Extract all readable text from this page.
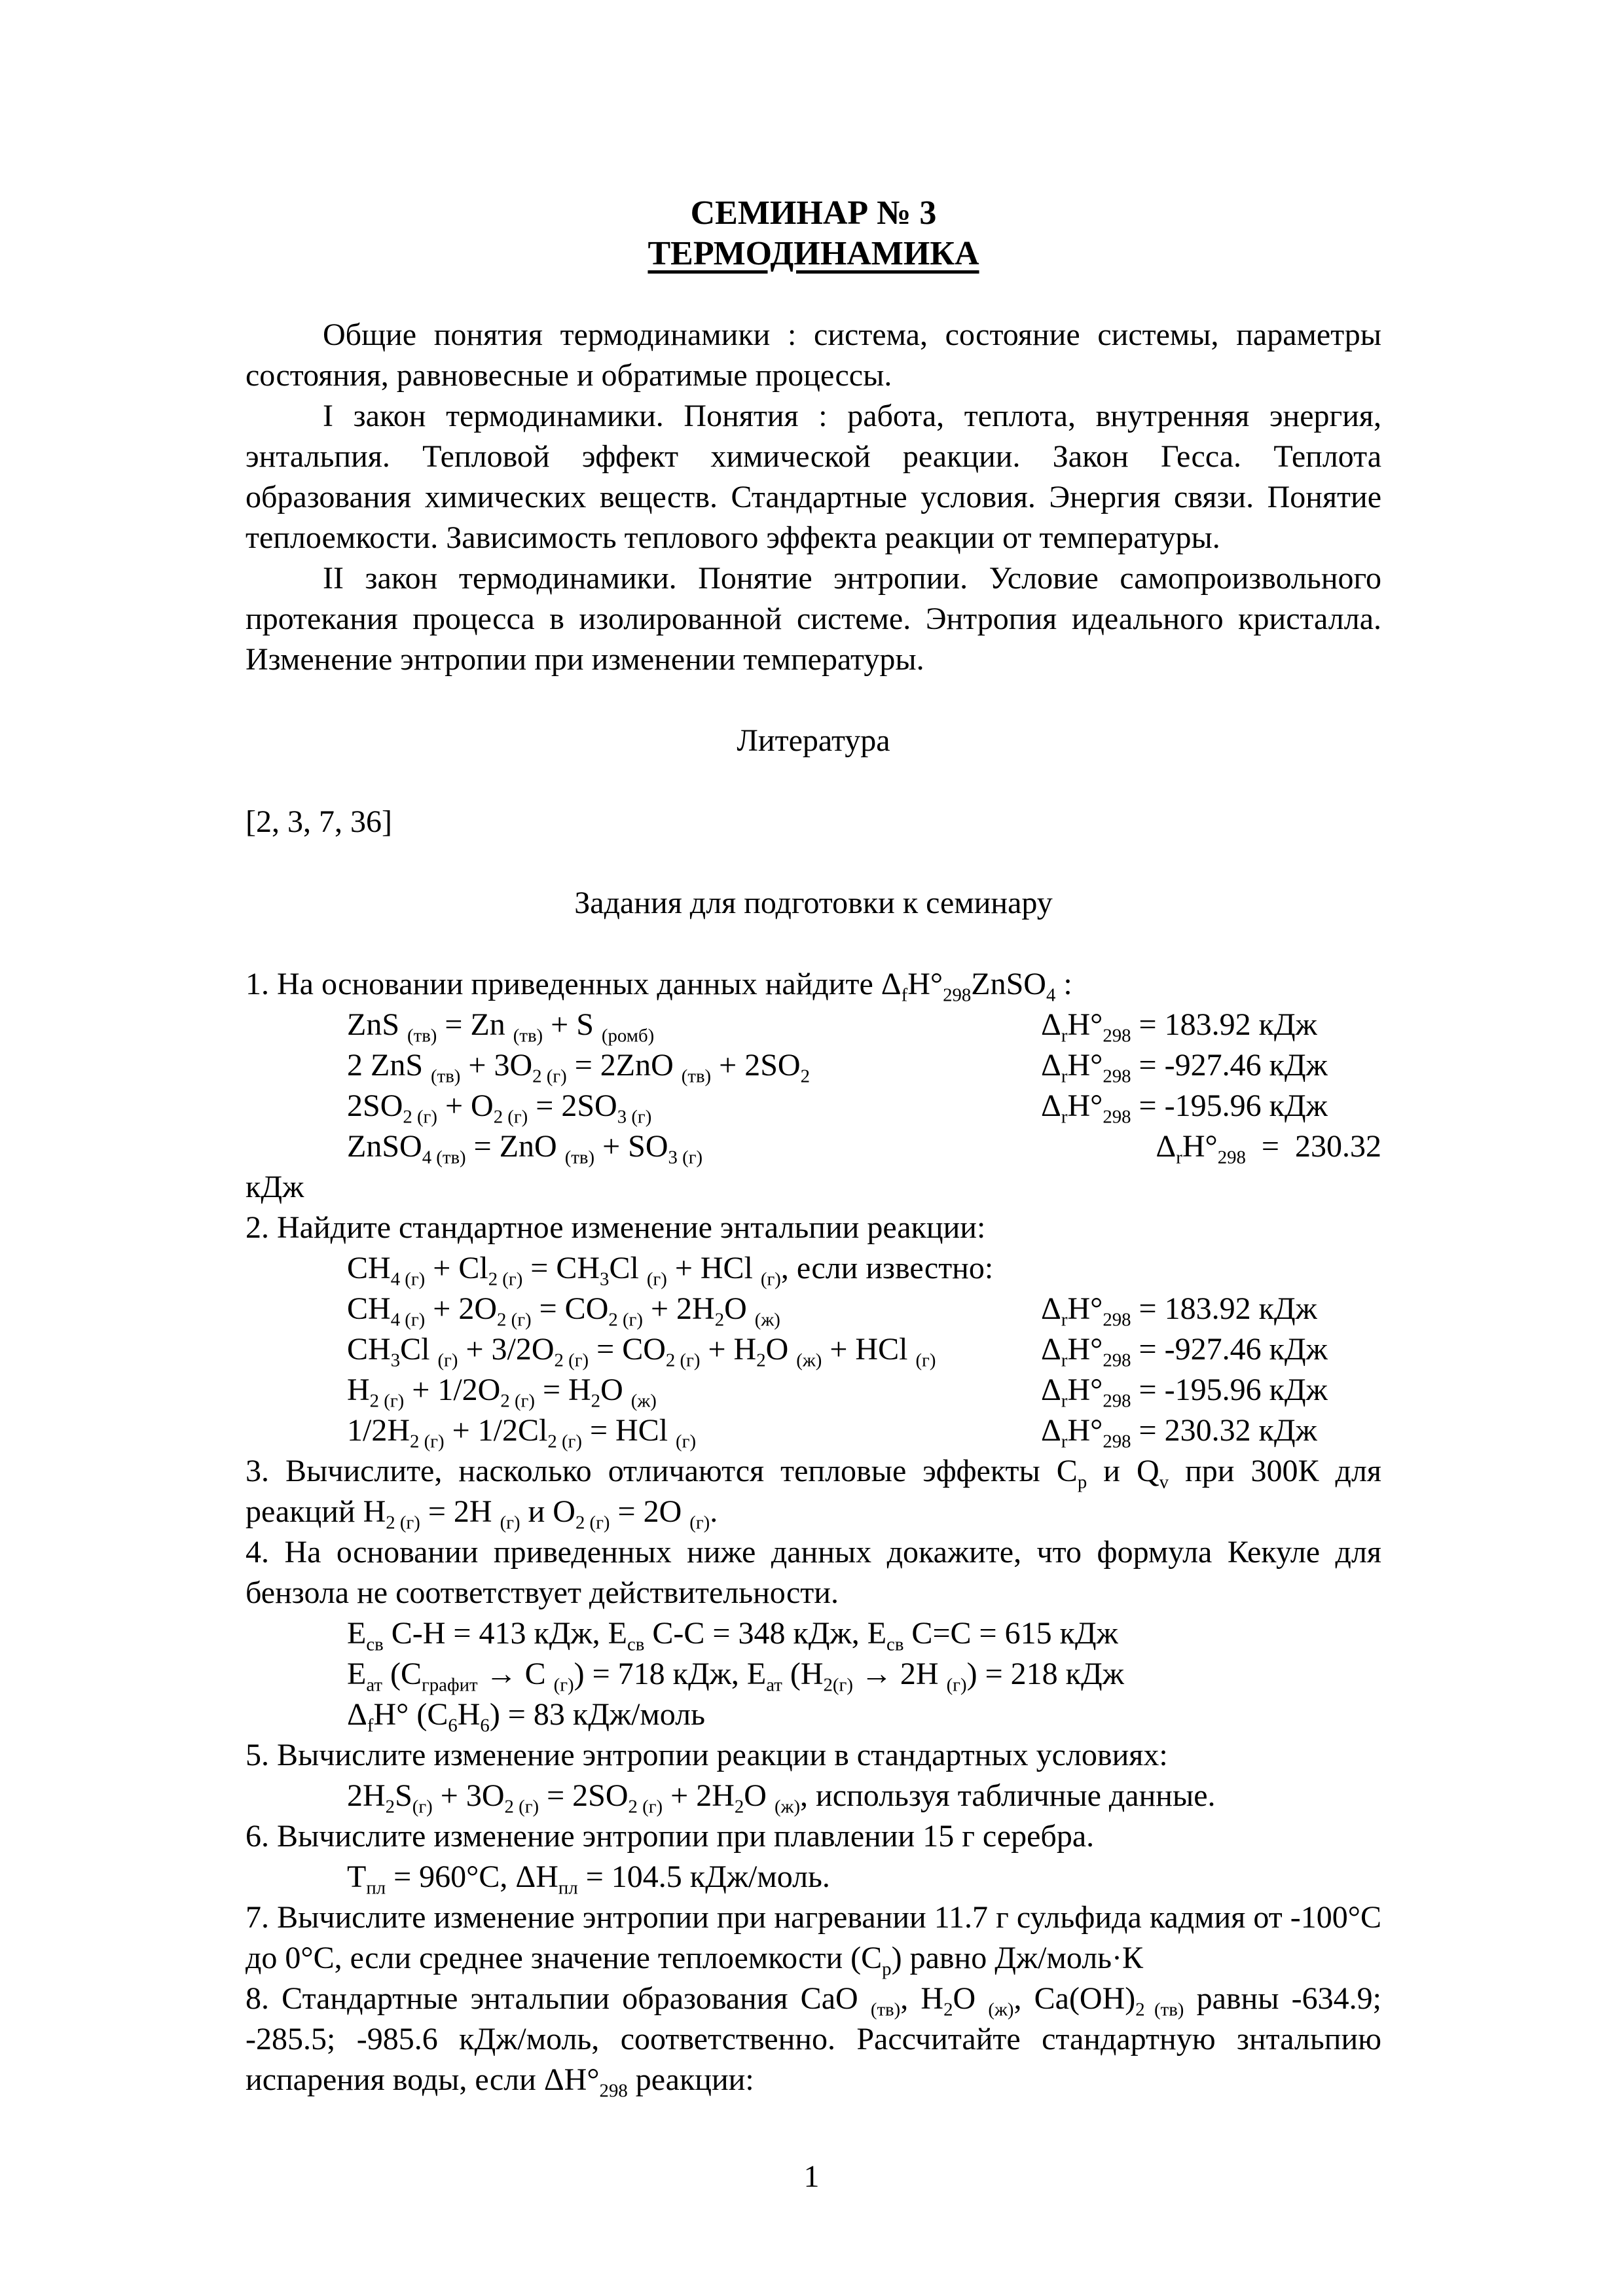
СЕМИНАР № 3
ТЕРМОДИНАМИКА

Общие понятия термодинамики : система, состояние системы, параметры состояния, равновесные и обратимые процессы.

I закон термодинамики. Понятия : работа, теплота, внутренняя энергия, энтальпия. Тепловой эффект химической реакции. Закон Гесса. Теплота образования химических веществ. Стандартные условия. Энергия связи. Понятие теплоемкости. Зависимость теплового эффекта реакции от температуры.

II закон термодинамики. Понятие энтропии. Условие самопроизвольного протекания процесса в изолированной системе. Энтропия идеального кристалла. Изменение энтропии при изменении температуры.

Литература
[2, 3, 7, 36]
Задания для подготовки к семинару
1. На основании приведенных данных найдите $\Delta_fH^\circ_{298}ZnSO_4$ :
ZnS $_{(тв)}$ = Zn $_{(тв)}$ + S $_{(ромб)}$	$\Delta_rH^\circ_{298} = 183.92$ кДж
2 ZnS $_{(тв)} + 3O_{2 (г)} = 2ZnO$ $_{(тв)} + 2SO_2$	$\Delta_rH^\circ_{298} = -927.46$ кДж
$2SO_{2 (г)} + O_{2 (г)} = 2SO_{3 (г)}$	$\Delta_rH^\circ_{298} = -195.96$ кДж
ZnSO$_{4 (тв)}$ = ZnO $_{(тв)} + SO_{3 (г)}$	$\Delta_rH^\circ_{298} = 230.32$
кДж
2. Найдите стандартное изменение энтальпии реакции:
$CH_{4 (г)} + Cl_{2 (г)} = CH_3Cl$ $_{(г)}$ + HCl $_{(г)}$, если известно:
$CH_{4 (г)} + 2O_{2 (г)} = CO_{2 (г)} + 2H_2O$ $_{(ж)}$	$\Delta_rH^\circ_{298} = 183.92$ кДж
$CH_3Cl$ $_{(г)} + 3/2O_{2 (г)} = CO_{2 (г)} + H_2O$ $_{(ж)}$ + HCl $_{(г)}$	$\Delta_rH^\circ_{298} = -927.46$ кДж
$H_{2 (г)} + 1/2O_{2 (г)} = H_2O$ $_{(ж)}$	$\Delta_rH^\circ_{298} = -195.96$ кДж
$1/2H_{2 (г)} + 1/2Cl_{2 (г)}$ = HCl $_{(г)}$	$\Delta_rH^\circ_{298} = 230.32$ кДж
3. Вычислите, насколько отличаются тепловые эффекты $C_p$ и $Q_v$ при 300К для реакций $H_{2 (г)} = 2H$ $_{(г)}$ и $O_{2 (г)} = 2O$ $_{(г)}$.
4. На основании приведенных ниже данных докажите, что формула Кекуле для бензола не соответствует действительности.
$E_{св}$ C-H = 413 кДж, $E_{св}$ C-C = 348 кДж, $E_{св}$ C=C = 615 кДж
$E_{ат}$ ($C_{графит} \to C$ $_{(г)}$) = 718 кДж, $E_{ат}$ ($H_{2(г)} \to 2H$ $_{(г)}$) = 218 кДж
$\Delta_fH^\circ$ $(C_6H_6) = 83$ кДж/моль
5. Вычислите изменение энтропии реакции в стандартных условиях:
$2H_2S_{(г)} + 3O_{2 (г)} = 2SO_{2 (г)} + 2H_2O$ $_{(ж)}$, используя табличные данные.
6. Вычислите изменение энтропии при плавлении 15 г серебра.
$Т_{пл} = 960^\circ C$, $\Delta H_{пл} = 104.5$ кДж/моль.
7. Вычислите изменение энтропии при нагревании 11.7 г сульфида кадмия от -100°C до 0°C, если среднее значение теплоемкости $(C_p)$ равно Дж/моль·К
8. Стандартные энтальпии образования CaO $_{(тв)}$, $H_2O$ $_{(ж)}$, $Ca(OH)_{2 (тв)}$ равны -634.9; -285.5; -985.6 кДж/моль, соответственно. Рассчитайте стандартную знтальпию испарения воды, если $\Delta H^\circ_{298}$ реакции:
1
